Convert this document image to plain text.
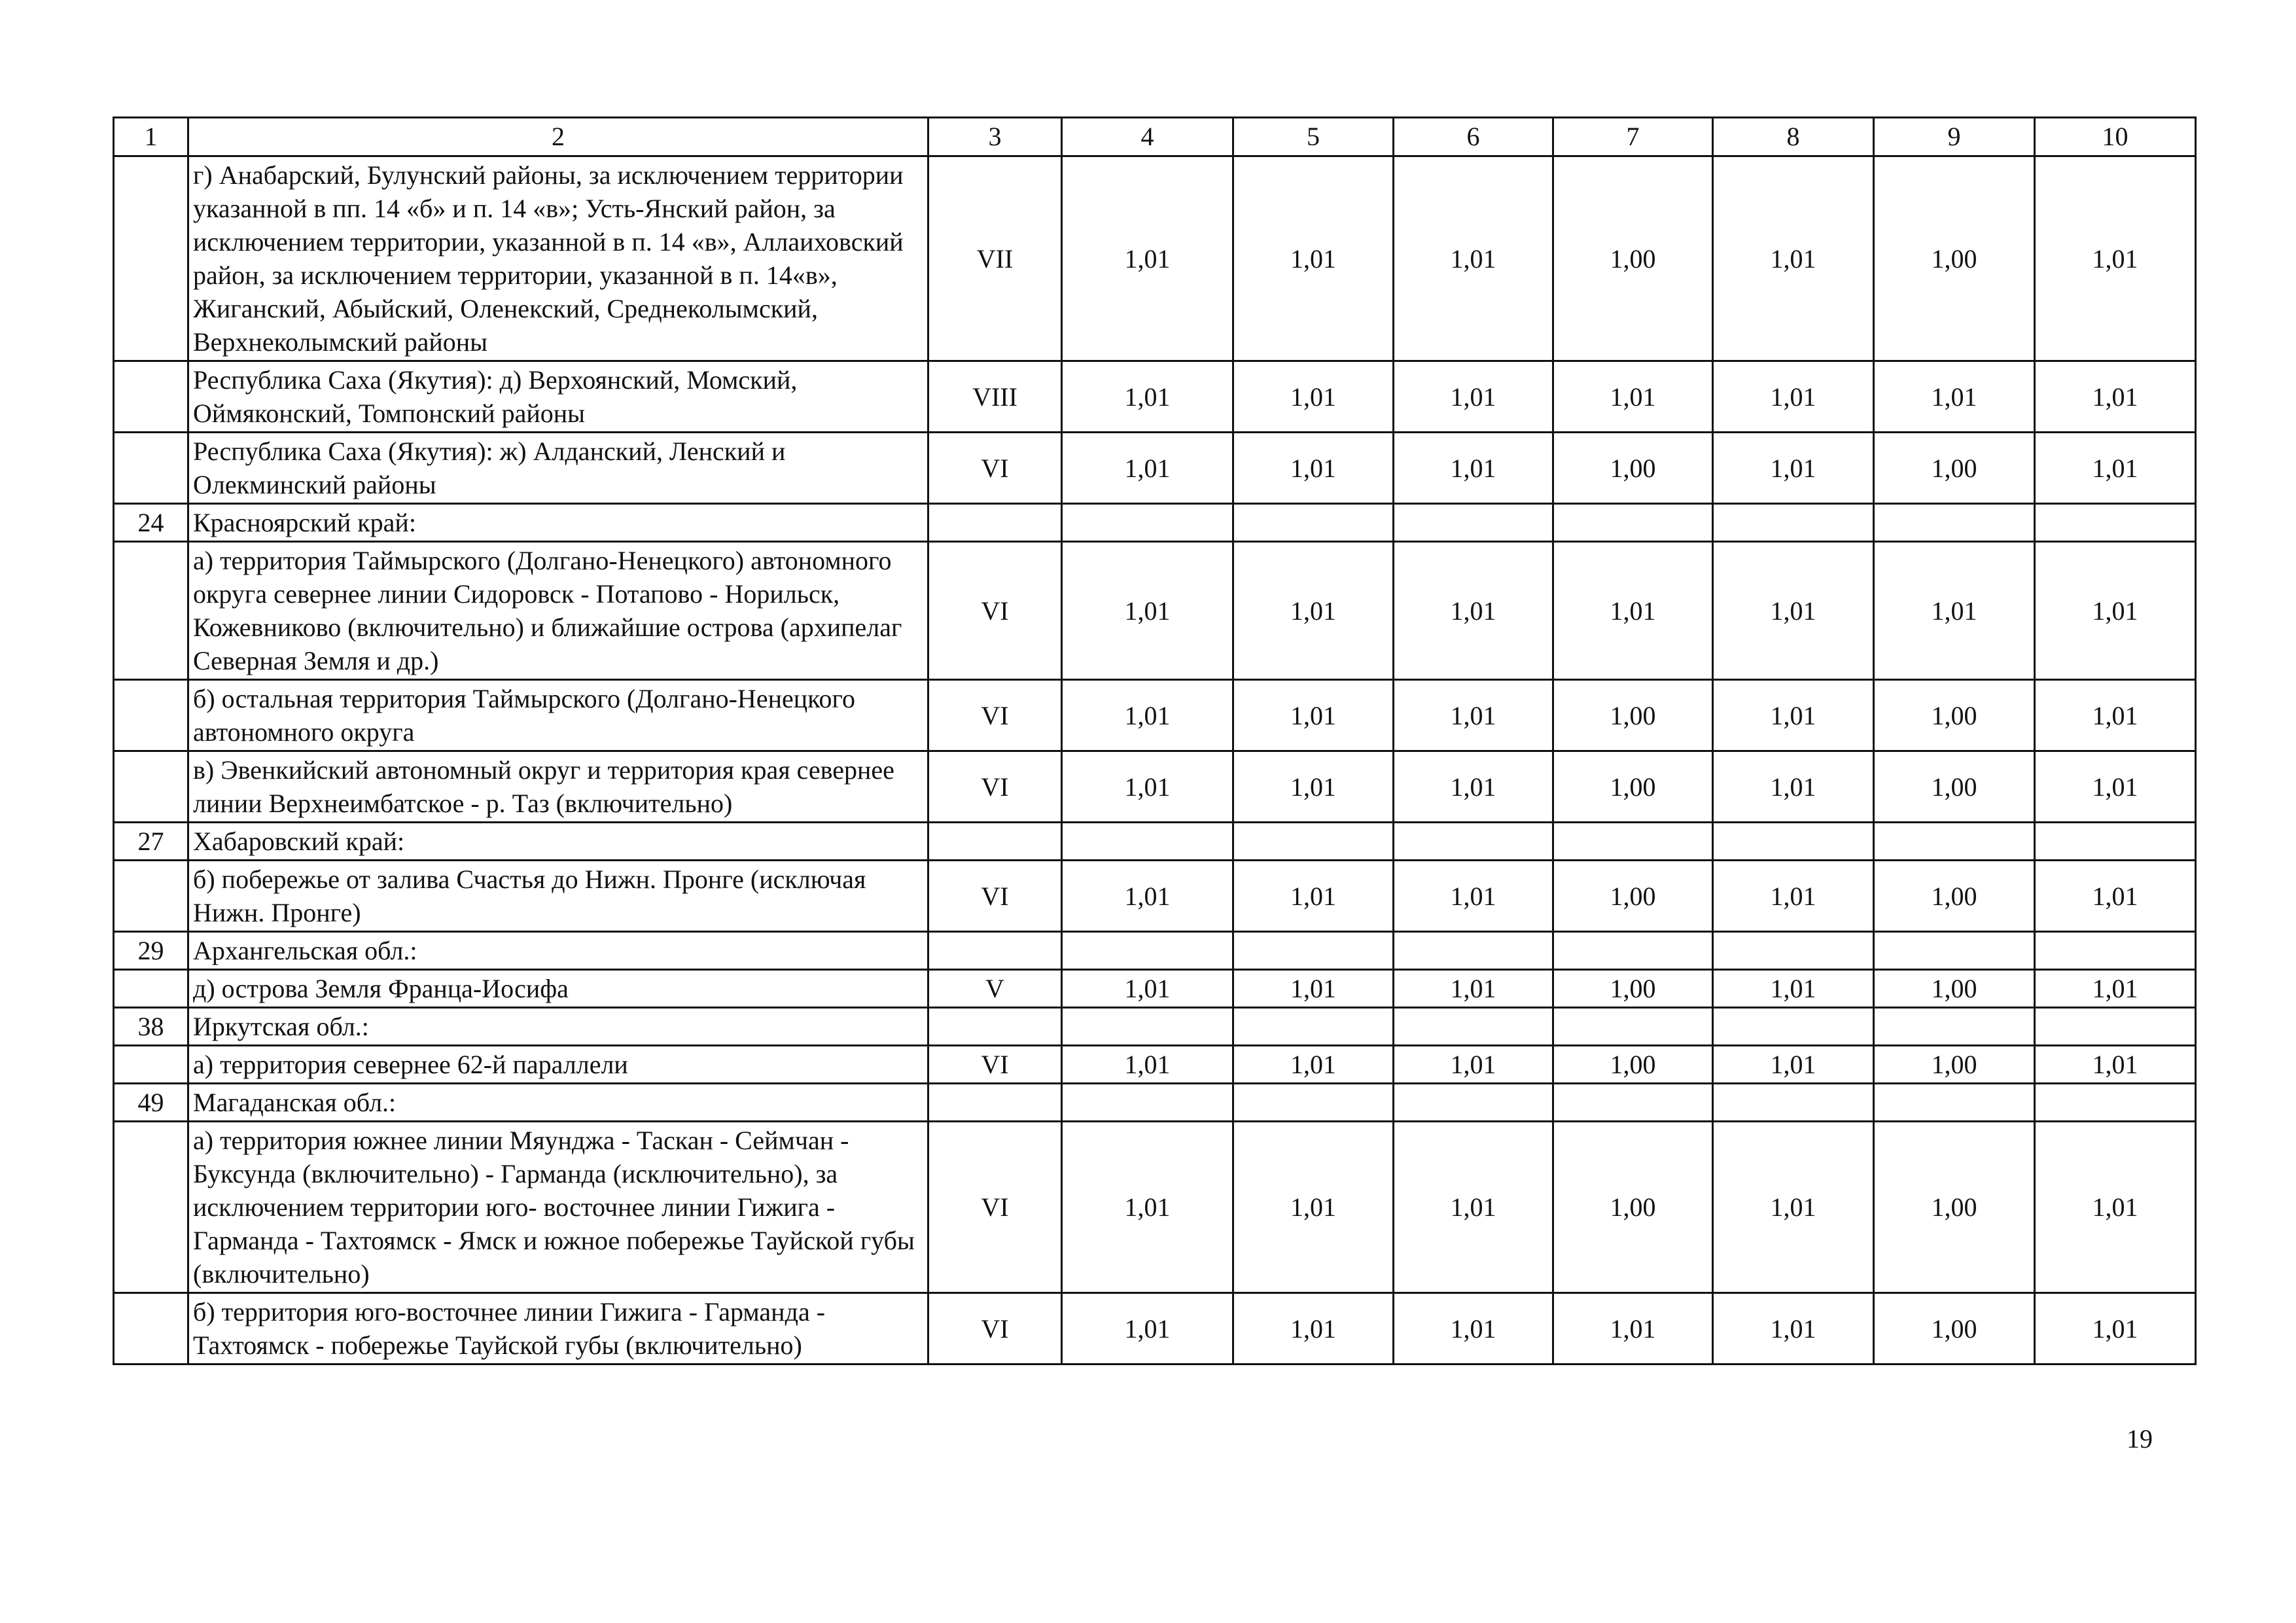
1	2	3	4	5	6	7	8	9	10
	г) Анабарский, Булунский районы, за исключением территории указанной в пп. 14 «б» и п. 14 «в»; Усть-Янский район, за исключением территории, указанной в п. 14 «в», Аллаиховский район, за исключением территории, указанной в п. 14«в», Жиганский, Абыйский, Оленекский, Среднеколымский, Верхнеколымский районы	VII	1,01	1,01	1,01	1,00	1,01	1,00	1,01
	Республика Саха (Якутия): д) Верхоянский, Момский, Оймяконский, Томпонский районы	VIII	1,01	1,01	1,01	1,01	1,01	1,01	1,01
	Республика Саха (Якутия): ж) Алданский, Ленский и Олекминский районы	VI	1,01	1,01	1,01	1,00	1,01	1,00	1,01
24	Красноярский край:								
	а) территория Таймырского (Долгано-Ненецкого) автономного округа севернее линии Сидоровск - Потапово - Норильск, Кожевниково (включительно) и ближайшие острова (архипелаг Северная Земля и др.)	VI	1,01	1,01	1,01	1,01	1,01	1,01	1,01
	б) остальная территория Таймырского (Долгано-Ненецкого автономного округа	VI	1,01	1,01	1,01	1,00	1,01	1,00	1,01
	в) Эвенкийский автономный округ и территория края севернее линии Верхнеимбатское - р. Таз (включительно)	VI	1,01	1,01	1,01	1,00	1,01	1,00	1,01
27	Хабаровский край:								
	б) побережье от залива Счастья до Нижн. Пронге (исключая Нижн. Пронге)	VI	1,01	1,01	1,01	1,00	1,01	1,00	1,01
29	Архангельская обл.:								
	д) острова Земля Франца-Иосифа	V	1,01	1,01	1,01	1,00	1,01	1,00	1,01
38	Иркутская обл.:								
	а) территория севернее 62-й параллели	VI	1,01	1,01	1,01	1,00	1,01	1,00	1,01
49	Магаданская обл.:								
	а) территория южнее линии Мяунджа - Таскан - Сеймчан - Буксунда (включительно) - Гарманда (исключительно), за исключением территории юго- восточнее линии Гижига - Гарманда - Тахтоямск - Ямск и южное побережье Тауйской губы (включительно)	VI	1,01	1,01	1,01	1,00	1,01	1,00	1,01
	б) территория юго-восточнее линии Гижига - Гарманда - Тахтоямск - побережье Тауйской губы (включительно)	VI	1,01	1,01	1,01	1,01	1,01	1,00	1,01
19
